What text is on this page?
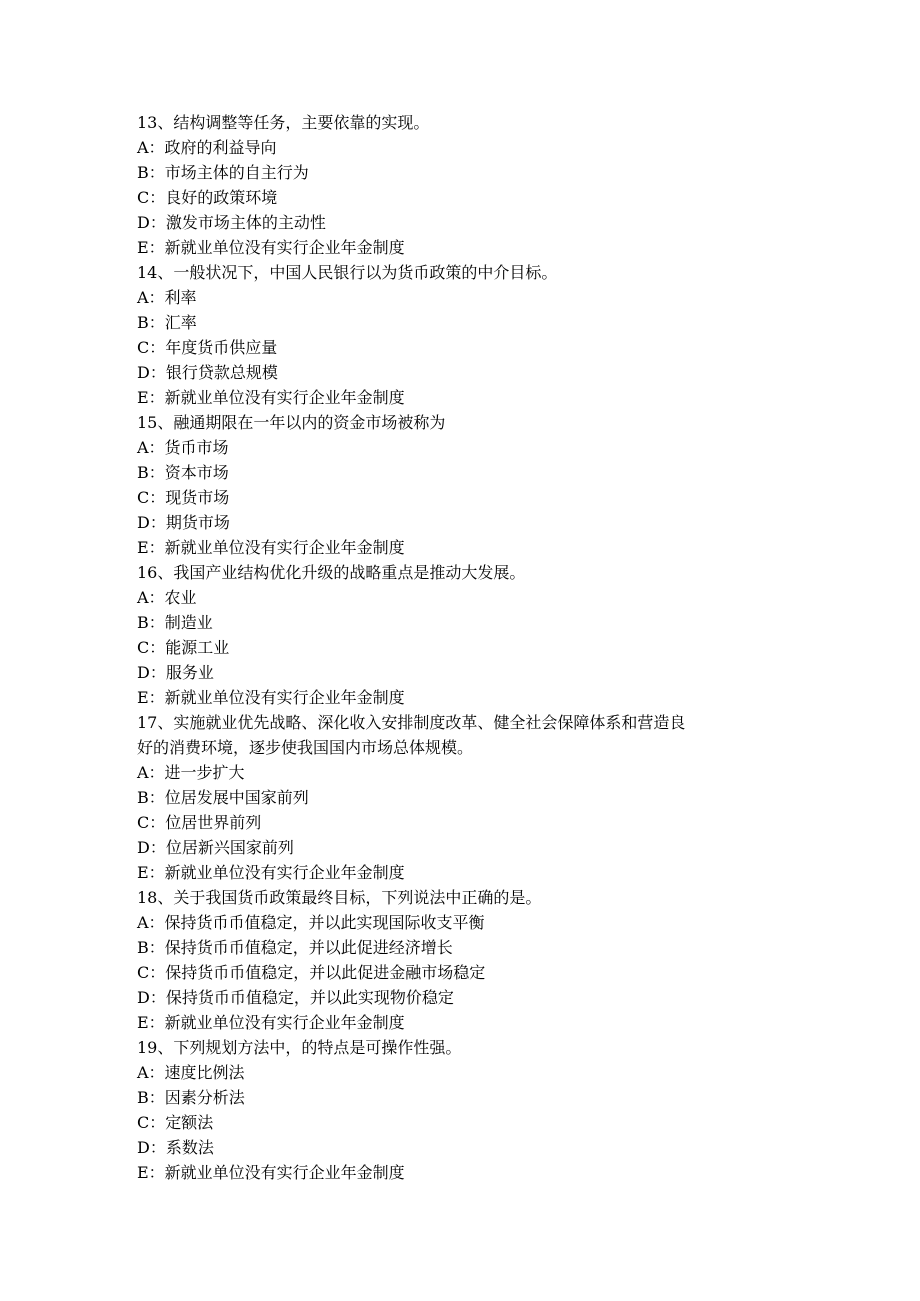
13、结构调整等任务，主要依靠的实现。

A：政府的利益导向

B：市场主体的自主行为

C：良好的政策环境

D：激发市场主体的主动性

E：新就业单位没有实行企业年金制度

14、一般状况下，中国人民银行以为货币政策的中介目标。

A：利率

B：汇率

C：年度货币供应量

D：银行贷款总规模

E：新就业单位没有实行企业年金制度

15、融通期限在一年以内的资金市场被称为

A：货币市场

B：资本市场

C：现货市场

D：期货市场

E：新就业单位没有实行企业年金制度

16、我国产业结构优化升级的战略重点是推动大发展。

A：农业

B：制造业

C：能源工业

D：服务业

E：新就业单位没有实行企业年金制度

17、实施就业优先战略、深化收入安排制度改革、健全社会保障体系和营造良

好的消费环境，逐步使我国国内市场总体规模。

A：进一步扩大

B：位居发展中国家前列

C：位居世界前列

D：位居新兴国家前列

E：新就业单位没有实行企业年金制度

18、关于我国货币政策最终目标，下列说法中正确的是。

A：保持货币币值稳定，并以此实现国际收支平衡

B：保持货币币值稳定，并以此促进经济增长

C：保持货币币值稳定，并以此促进金融市场稳定

D：保持货币币值稳定，并以此实现物价稳定

E：新就业单位没有实行企业年金制度

19、下列规划方法中，的特点是可操作性强。

A：速度比例法

B：因素分析法

C：定额法

D：系数法

E：新就业单位没有实行企业年金制度
